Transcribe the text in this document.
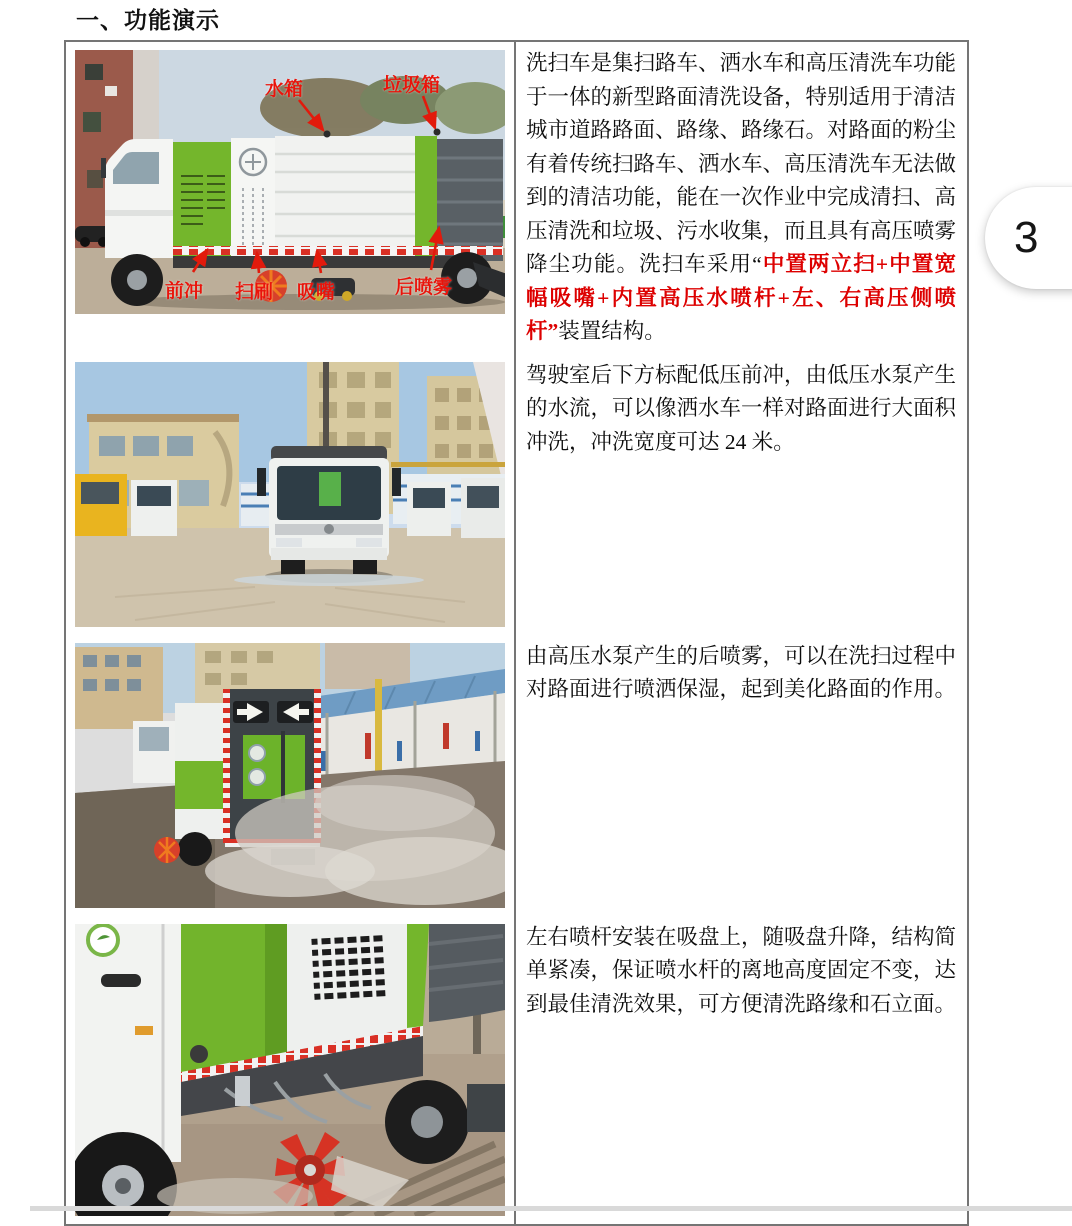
一、功能演示
水箱	垃圾箱
前冲 扫刷 吸嘴	后喷雾

洗扫车是集扫路车、洒水车和高压清洗车功能于一体的新型路面清洗设备，特别适用于清洁城市道路路面、路缘、路缘石。对路面的粉尘有着传统扫路车、洒水车、高压清洗车无法做到的清洁功能，能在一次作业中完成清扫、高压清洗和垃圾、污水收集，而且具有高压喷雾降尘功能。洗扫车采用“中置两立扫+中置宽幅吸嘴+内置高压水喷杆+左、右高压侧喷杆”装置结构。

驾驶室后下方标配低压前冲，由低压水泵产生的水流，可以像洒水车一样对路面进行大面积冲洗，冲洗宽度可达 24 米。

由高压水泵产生的后喷雾，可以在洗扫过程中对路面进行喷洒保湿，起到美化路面的作用。

左右喷杆安装在吸盘上，随吸盘升降，结构简单紧凑，保证喷水杆的离地高度固定不变，达到最佳清洗效果，可方便清洗路缘和石立面。

3
